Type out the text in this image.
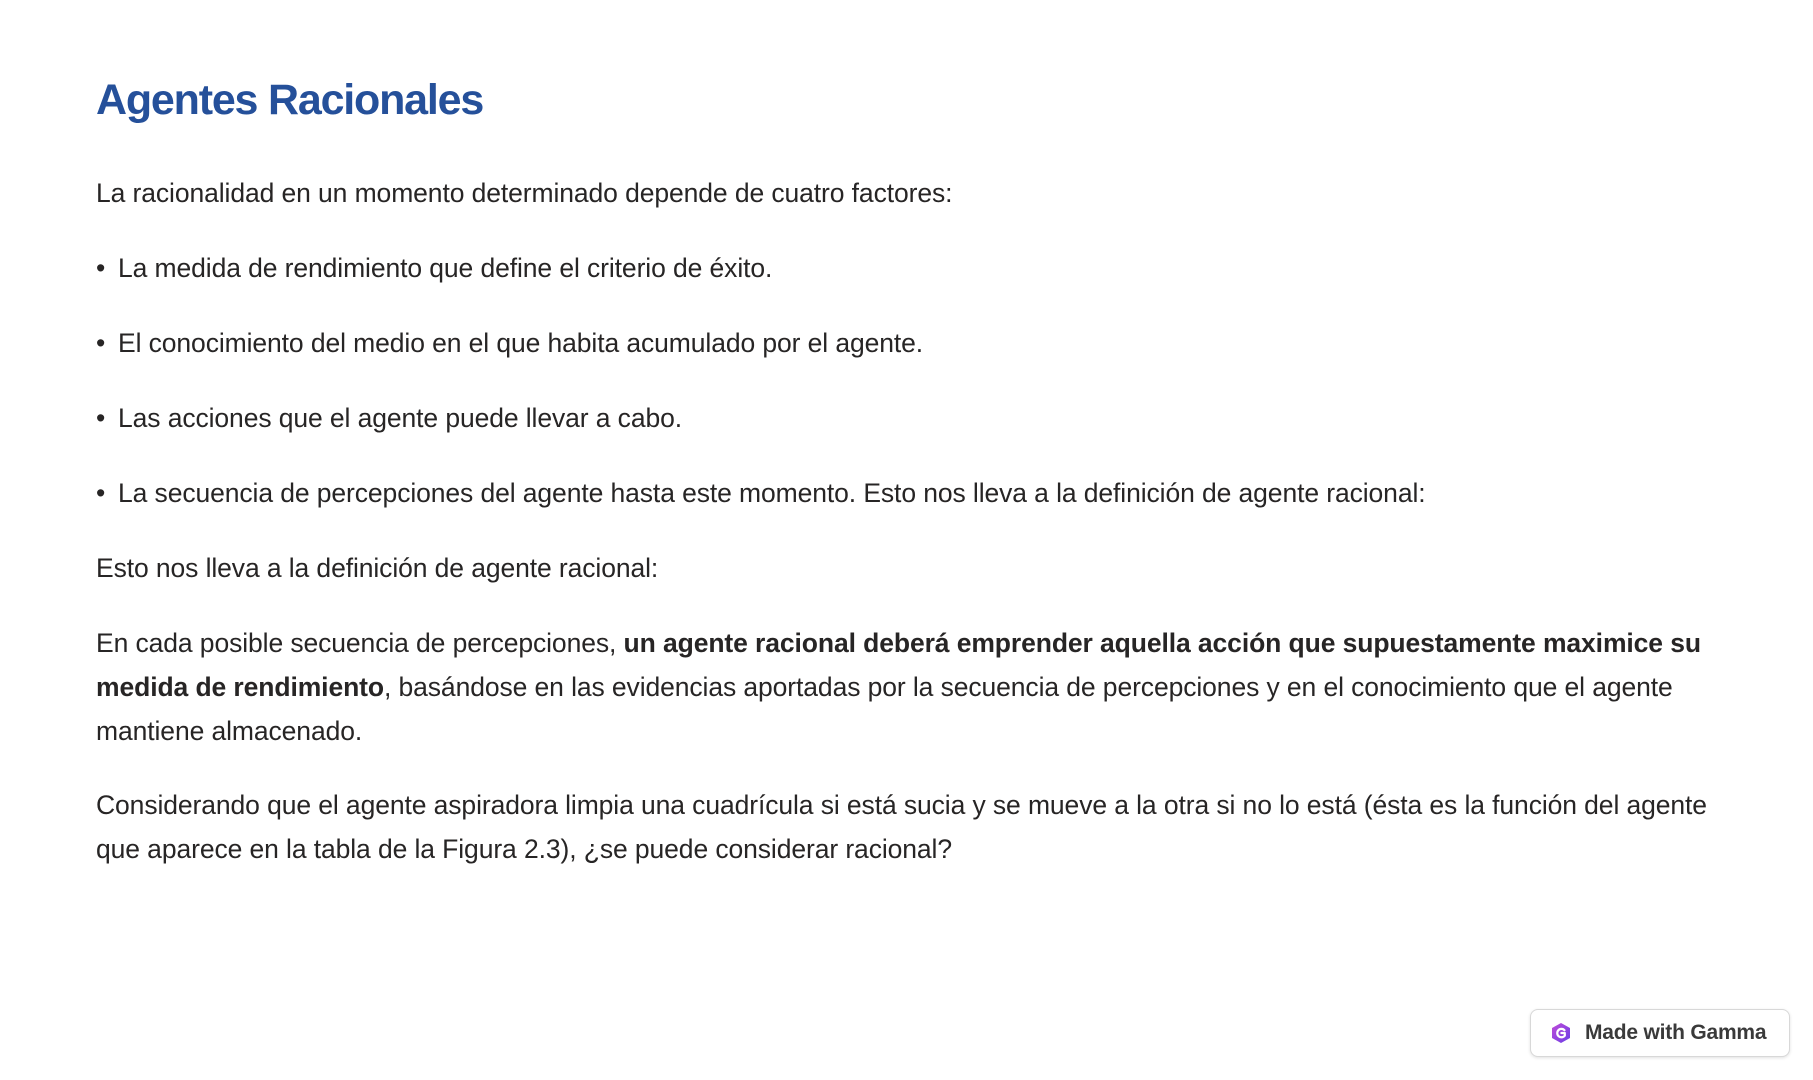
Agentes Racionales

La racionalidad en un momento determinado depende de cuatro factores:

• La medida de rendimiento que define el criterio de éxito.

• El conocimiento del medio en el que habita acumulado por el agente.

• Las acciones que el agente puede llevar a cabo.

• La secuencia de percepciones del agente hasta este momento. Esto nos lleva a la definición de agente racional:

Esto nos lleva a la definición de agente racional:

En cada posible secuencia de percepciones, un agente racional deberá emprender aquella acción que supuestamente maximice su medida de rendimiento, basándose en las evidencias aportadas por la secuencia de percepciones y en el conocimiento que el agente mantiene almacenado.

Considerando que el agente aspiradora limpia una cuadrícula si está sucia y se mueve a la otra si no lo está (ésta es la función del agente que aparece en la tabla de la Figura 2.3), ¿se puede considerar racional?

Made with Gamma
